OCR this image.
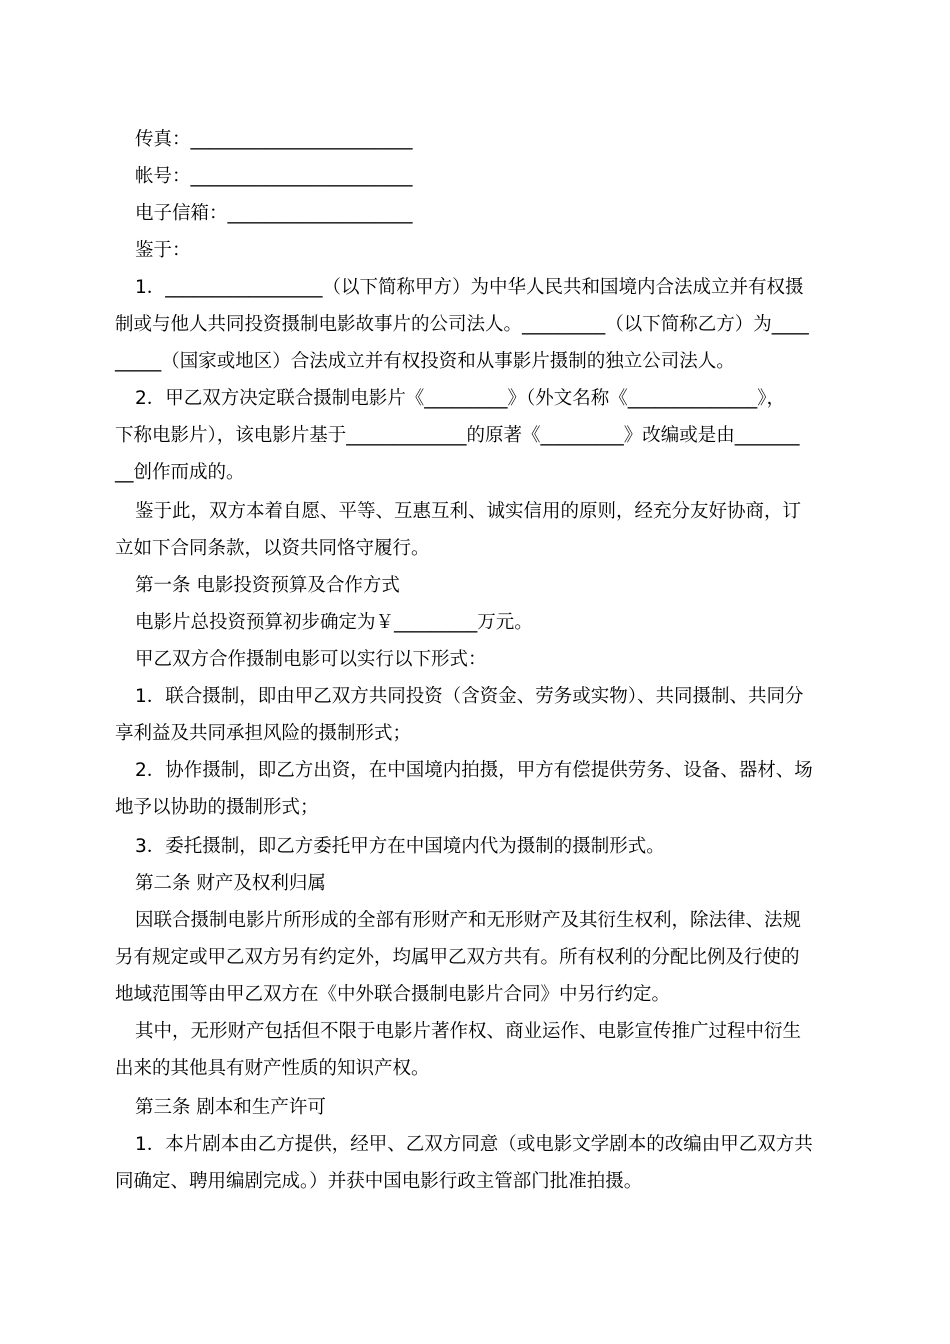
传真：________________________
帐号：________________________
电子信箱：____________________
鉴于：
1．_________________（以下简称甲方）为中华人民共和国境内合法成立并有权摄
制或与他人共同投资摄制电影故事片的公司法人。_________（以下简称乙方）为____
_____（国家或地区）合法成立并有权投资和从事影片摄制的独立公司法人。
2．甲乙双方决定联合摄制电影片《_________》（外文名称《______________》，
下称电影片），该电影片基于_____________的原著《_________》改编或是由_______
__创作而成的。
鉴于此，双方本着自愿、平等、互惠互利、诚实信用的原则，经充分友好协商，订
立如下合同条款，以资共同恪守履行。
第一条 电影投资预算及合作方式
电影片总投资预算初步确定为￥_________万元。
甲乙双方合作摄制电影可以实行以下形式：
1．联合摄制，即由甲乙双方共同投资（含资金、劳务或实物）、共同摄制、共同分
享利益及共同承担风险的摄制形式；
2．协作摄制，即乙方出资，在中国境内拍摄，甲方有偿提供劳务、设备、器材、场
地予以协助的摄制形式；
3．委托摄制，即乙方委托甲方在中国境内代为摄制的摄制形式。
第二条 财产及权利归属
因联合摄制电影片所形成的全部有形财产和无形财产及其衍生权利，除法律、法规
另有规定或甲乙双方另有约定外，均属甲乙双方共有。所有权利的分配比例及行使的
地域范围等由甲乙双方在《中外联合摄制电影片合同》中另行约定。
其中，无形财产包括但不限于电影片著作权、商业运作、电影宣传推广过程中衍生
出来的其他具有财产性质的知识产权。
第三条 剧本和生产许可
1．本片剧本由乙方提供，经甲、乙双方同意（或电影文学剧本的改编由甲乙双方共
同确定、聘用编剧完成。）并获中国电影行政主管部门批准拍摄。
